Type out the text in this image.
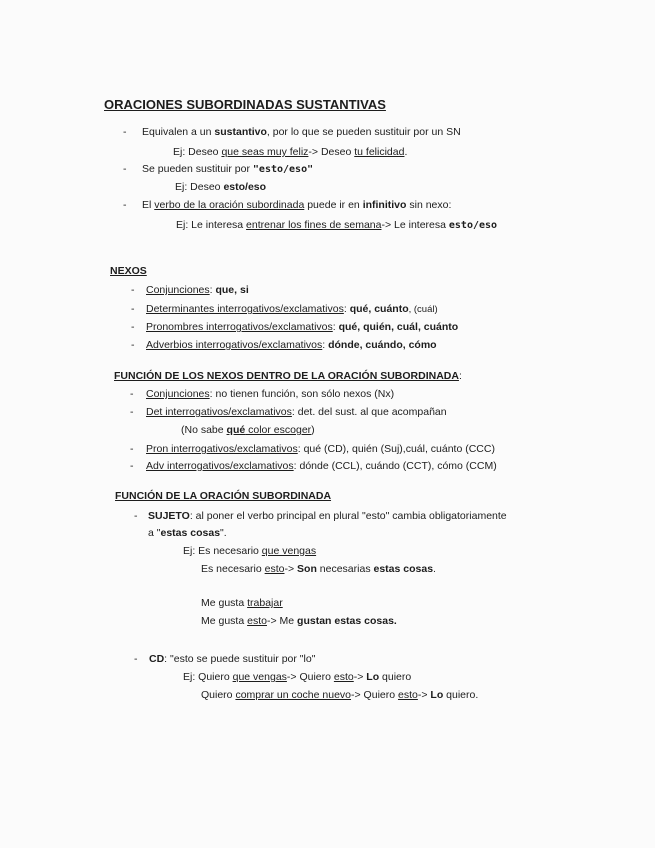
ORACIONES SUBORDINADAS SUSTANTIVAS
- Equivalen a un sustantivo, por lo que se pueden sustituir por un SN
Ej: Deseo que seas muy feliz-> Deseo tu felicidad.
- Se pueden sustituir por "esto/eso"
Ej: Deseo esto/eso
- El verbo de la oración subordinada puede ir en infinitivo sin nexo:
Ej: Le interesa entrenar los fines de semana-> Le interesa esto/eso
NEXOS
- Conjunciones: que, si
- Determinantes interrogativos/exclamativos: qué, cuánto, (cuál)
- Pronombres interrogativos/exclamativos: qué, quién, cuál, cuánto
- Adverbios interrogativos/exclamativos: dónde, cuándo, cómo
FUNCIÓN DE LOS NEXOS DENTRO DE LA ORACIÓN SUBORDINADA:
- Conjunciones: no tienen función, son sólo nexos (Nx)
- Det interrogativos/exclamativos: det. del sust. al que acompañan
(No sabe qué color escoger)
- Pron interrogativos/exclamativos: qué (CD), quién (Suj),cuál, cuánto (CCC)
- Adv interrogativos/exclamativos: dónde (CCL), cuándo (CCT), cómo (CCM)
FUNCIÓN DE LA ORACIÓN SUBORDINADA
- SUJETO: al poner el verbo principal en plural "esto" cambia obligatoriamente
a "estas cosas".
Ej: Es necesario que vengas
Es necesario esto-> Son necesarias estas cosas.
Me gusta trabajar
Me gusta esto-> Me gustan estas cosas.
- CD: "esto se puede sustituir por "lo"
Ej: Quiero que vengas-> Quiero esto-> Lo quiero
Quiero comprar un coche nuevo-> Quiero esto-> Lo quiero.
